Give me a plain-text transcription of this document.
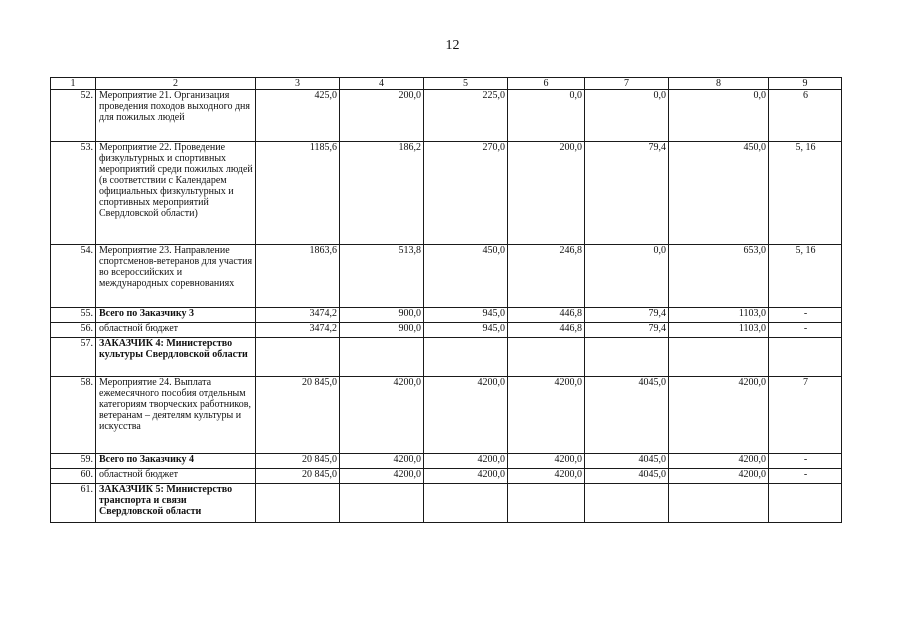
12
1	2	3	4	5	6	7	8	9
52.	Мероприятие 21. Организация проведения походов выходного дня для пожилых людей	425,0	200,0	225,0	0,0	0,0	0,0	6
53.	Мероприятие 22. Проведение физкультурных и спортивных мероприятий среди пожилых людей (в соответствии с Календарем официальных физкультурных и спортивных мероприятий Свердловской области)	1185,6	186,2	270,0	200,0	79,4	450,0	5, 16
54.	Мероприятие 23. Направление спортсменов-ветеранов для участия во всероссийских и международных соревнованиях	1863,6	513,8	450,0	246,8	0,0	653,0	5, 16
55.	Всего по Заказчику 3	3474,2	900,0	945,0	446,8	79,4	1103,0	-
56.	областной бюджет	3474,2	900,0	945,0	446,8	79,4	1103,0	-
57.	ЗАКАЗЧИК 4: Министерство культуры Свердловской области							
58.	Мероприятие 24. Выплата ежемесячного пособия отдельным категориям творческих работников, ветеранам – деятелям культуры и искусства	20 845,0	4200,0	4200,0	4200,0	4045,0	4200,0	7
59.	Всего по Заказчику 4	20 845,0	4200,0	4200,0	4200,0	4045,0	4200,0	-
60.	областной бюджет	20 845,0	4200,0	4200,0	4200,0	4045,0	4200,0	-
61.	ЗАКАЗЧИК 5: Министерство транспорта и связи Свердловской области							
